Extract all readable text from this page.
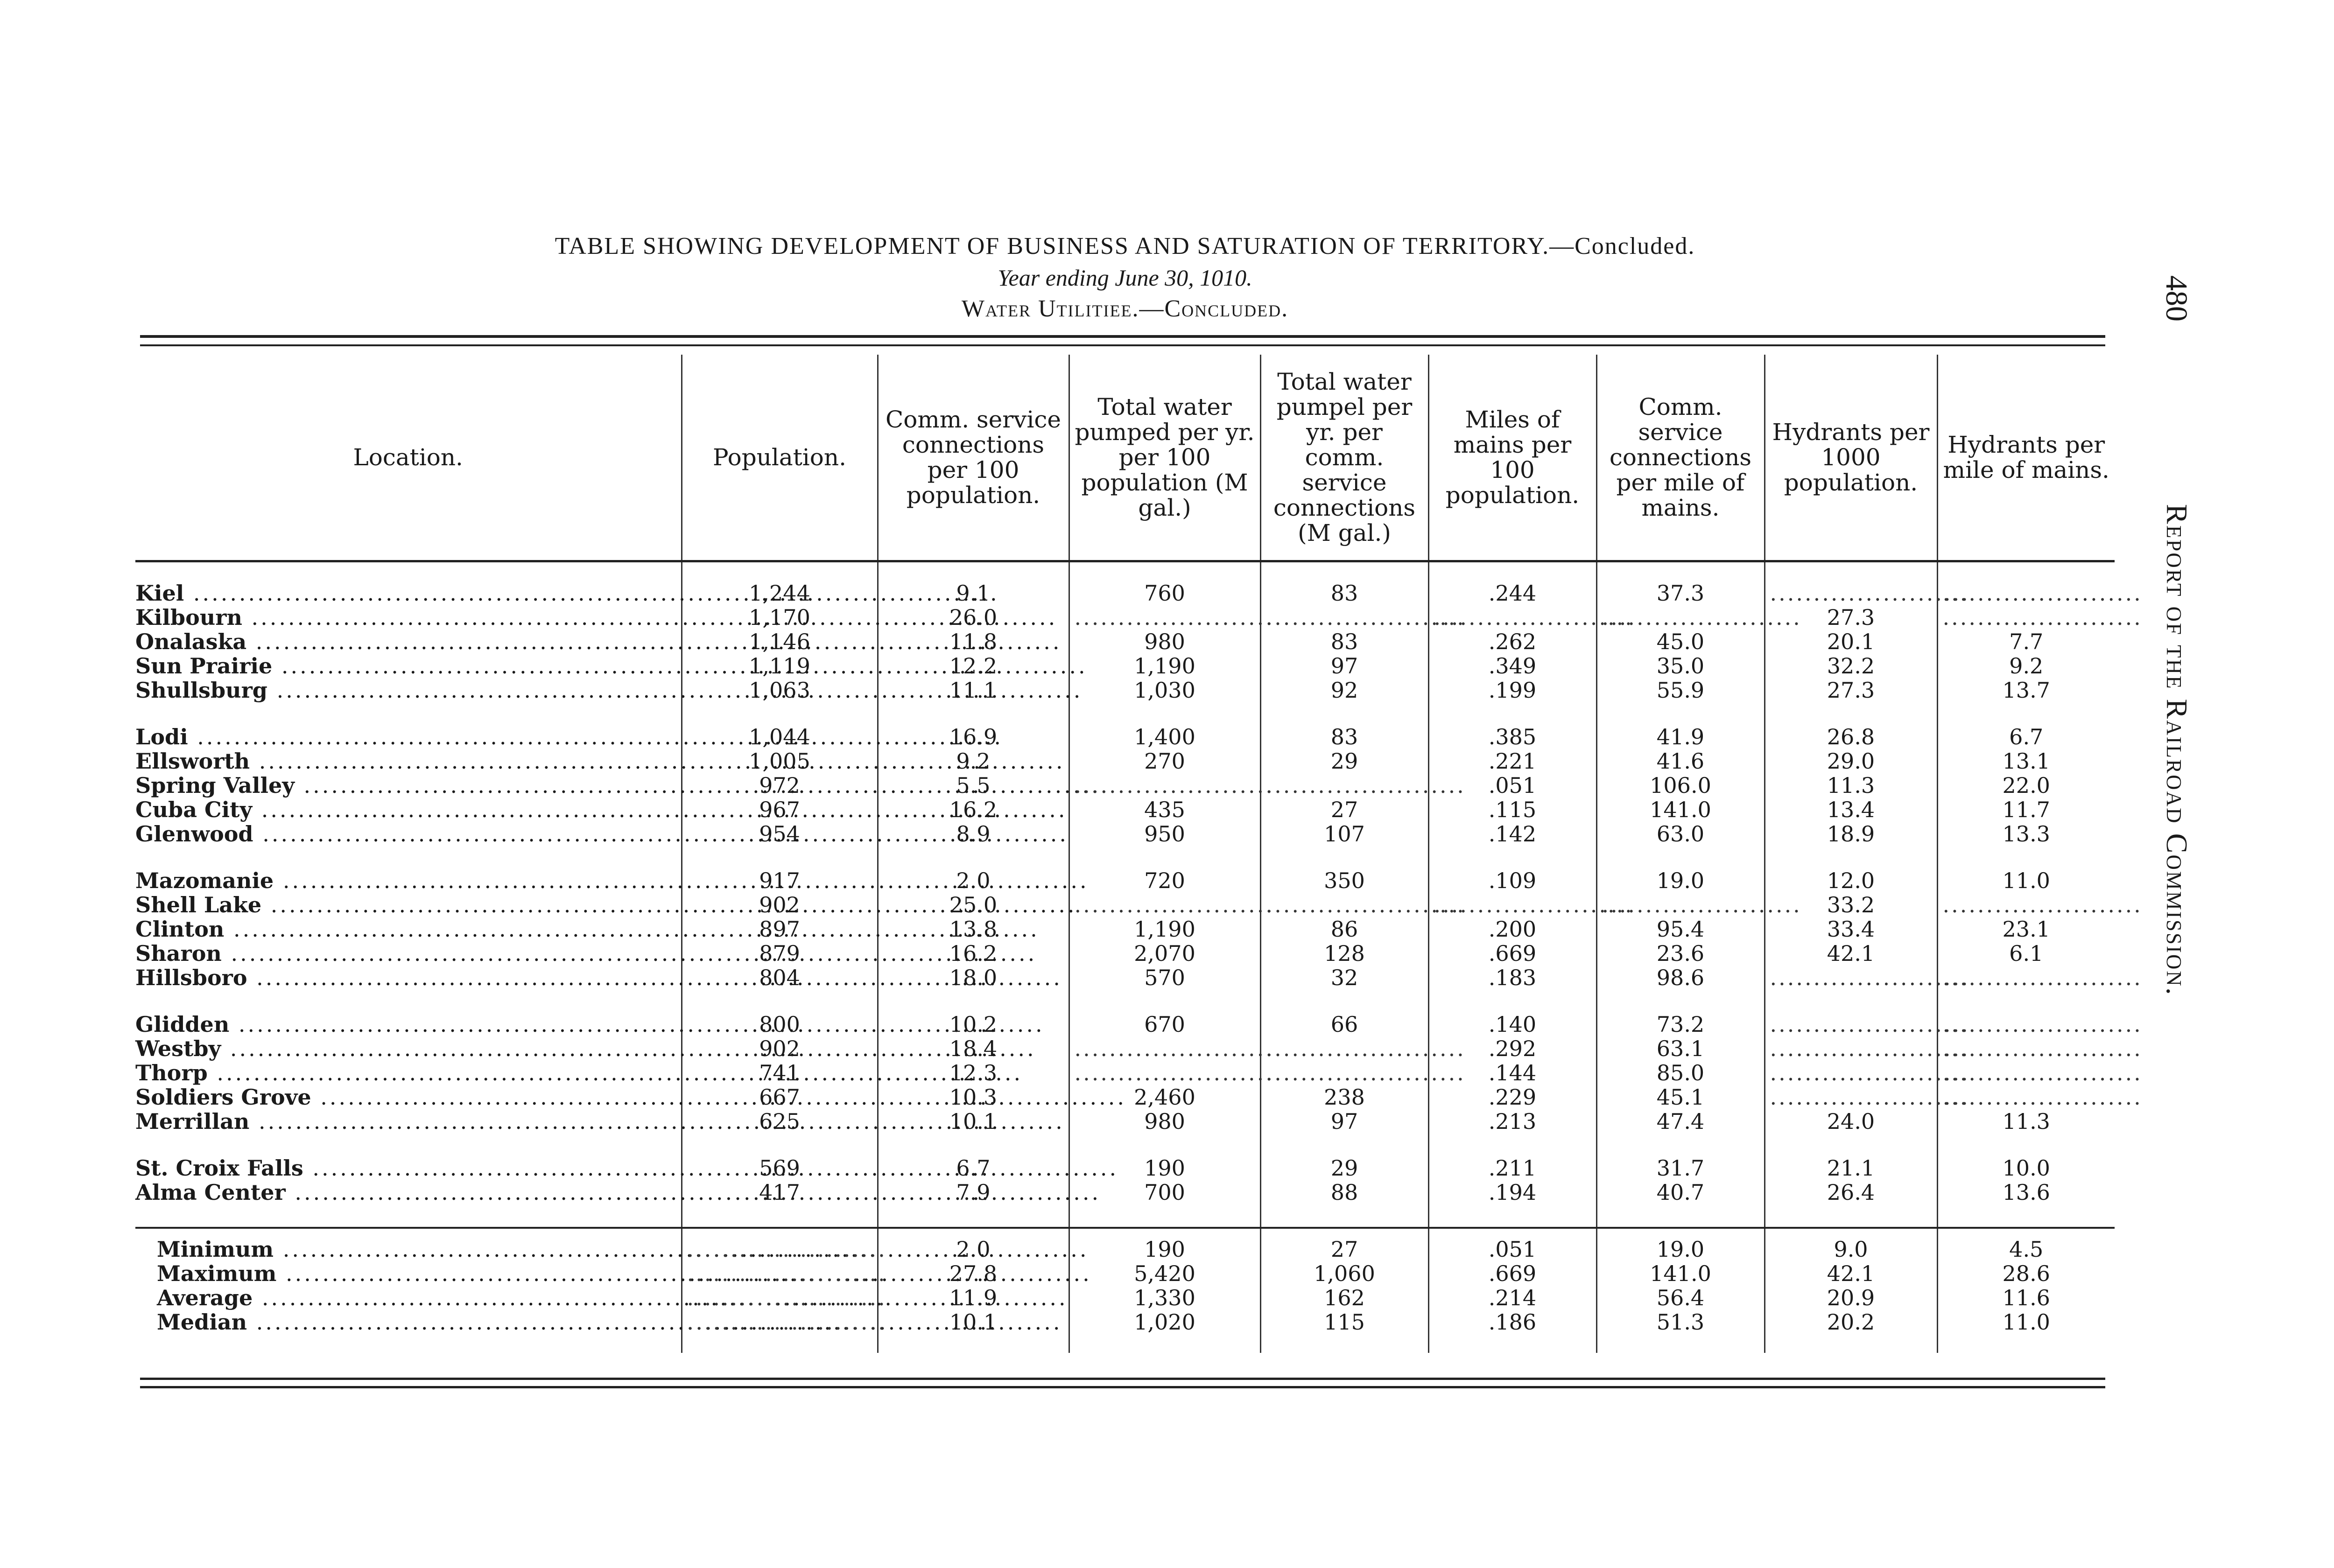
TABLE SHOWING DEVELOPMENT OF BUSINESS AND SATURATION OF TERRITORY.—Concluded.
Year ending June 30, 1010.
Water Utilitiee.—Concluded.	480
Report of the Railroad Commission.
Location.	Population.	Comm. service connections per 100 population.	Total water pumped per yr. per 100 population (M gal.)	Total water pumpel per yr. per comm. service connections (M gal.)	Miles of mains per 100 population.	Comm. service connections per mile of mains.	Hydrants per 1000 population.	Hydrants per mile of mains.
Kiel .....	1,244	9.1	760	83	.244	37.3	.......................	.......................
Kilbourn .....	1,170	26.0	.......................	.......................	.......................	.......................	27.3	.......................
Onalaska .....	1,146	11.8	980	83	.262	45.0	20.1	7.7
Sun Prairie .....	1,119	12.2	1,190	97	.349	35.0	32.2	9.2
Shullsburg .....	1,063	11.1	1,030	92	.199	55.9	27.3	13.7

Lodi .....	1,044	16.9	1,400	83	.385	41.9	26.8	6.7
Ellsworth .....	1,005	9.2	270	29	.221	41.6	29.0	13.1
Spring Valley .....	972	5.5	.......................	.......................	.051	106.0	11.3	22.0
Cuba City .....	967	16.2	435	27	.115	141.0	13.4	11.7
Glenwood .....	954	8.9	950	107	.142	63.0	18.9	13.3

Mazomanie .....	917	2.0	720	350	.109	19.0	12.0	11.0
Shell Lake .....	902	25.0	.......................	.......................	.......................	.......................	33.2	.......................
Clinton .....	897	13.8	1,190	86	.200	95.4	33.4	23.1
Sharon .....	879	16.2	2,070	128	.669	23.6	42.1	6.1
Hillsboro .....	804	18.0	570	32	.183	98.6	.......................	.......................

Glidden .....	800	10.2	670	66	.140	73.2	.......................	.......................
Westby .....	902	18.4	.......................	.......................	.292	63.1	.......................	.......................
Thorp .....	741	12.3	.......................	.......................	.144	85.0	.......................	.......................
Soldiers Grove .....	667	10.3	2,460	238	.229	45.1	.......................	.......................
Merrillan .....	625	10.1	980	97	.213	47.4	24.0	11.3

St. Croix Falls .....	569	6.7	190	29	.211	31.7	21.1	10.0
Alma Center .....	417	7.9	700	88	.194	40.7	26.4	13.6

Minimum .....	.......................	2.0	190	27	.051	19.0	9.0	4.5
Maximum .....	.......................	27.8	5,420	1,060	.669	141.0	42.1	28.6
Average .....	.......................	11.9	1,330	162	.214	56.4	20.9	11.6
Median .....	.......................	10.1	1,020	115	.186	51.3	20.2	11.0
